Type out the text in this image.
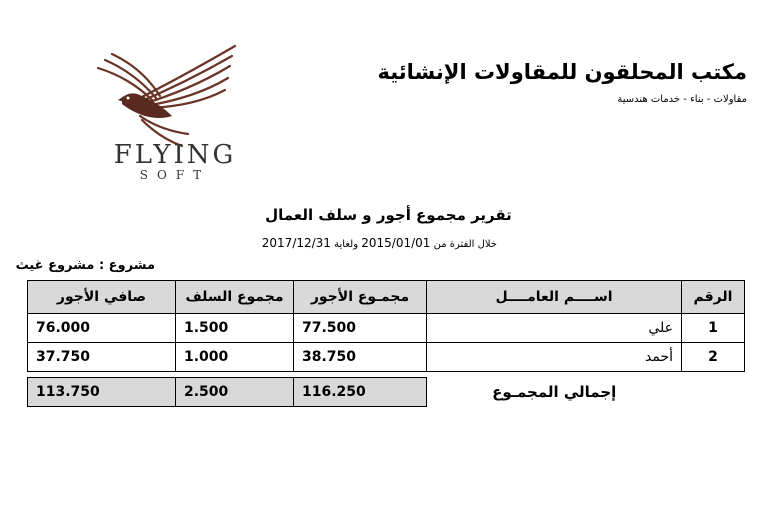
مكتب المحلقون للمقاولات الإنشائية
مقاولات - بناء - خدمات هندسية
FLYING
SOFT
تقرير مجموع أجور و سلف العمال
خلال الفترة من 2015/01/01 ولغاية 2017/12/31
مشروع : مشروع غيث
صافي الأجور	مجموع السلف	مجمـوع الأجور	اســــم العامــــل	الرقم
76.000	1.500	77.500	علي	1
37.750	1.000	38.750	أحمد	2

113.750	2.500	116.250	إجمالي المجمـوع	
